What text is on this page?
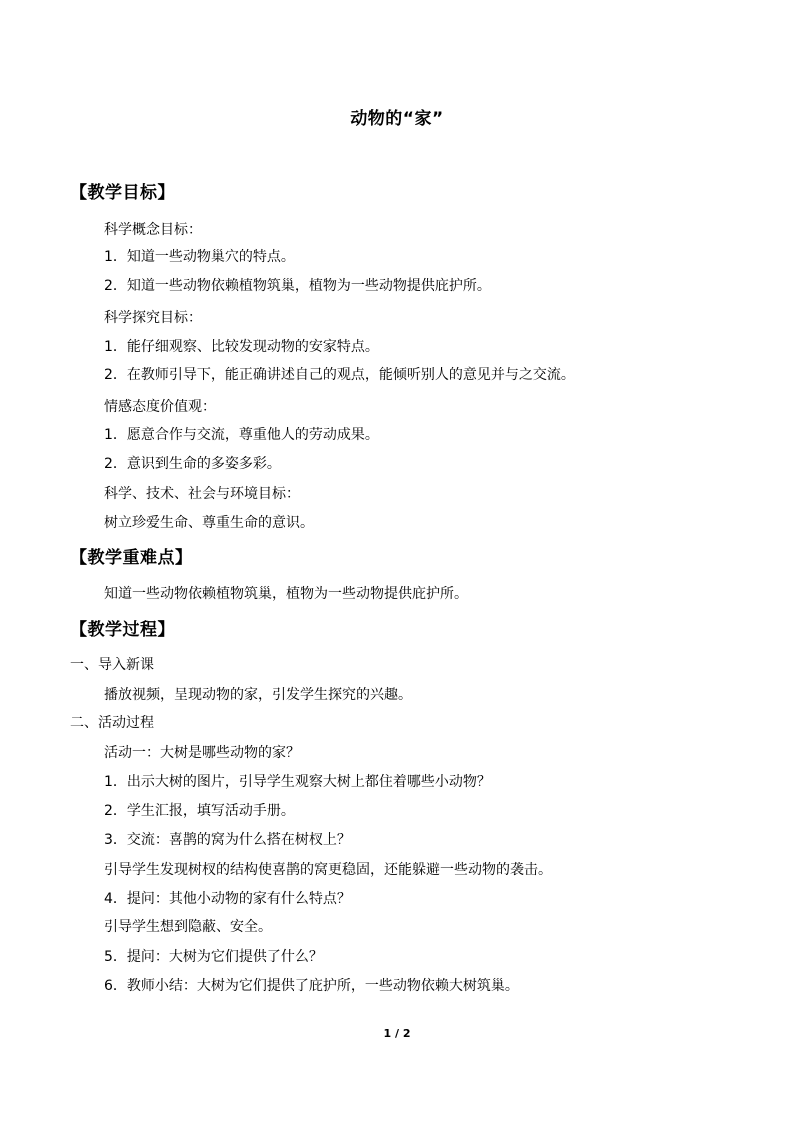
动物的“家”
【教学目标】
科学概念目标：
1．知道一些动物巢穴的特点。
2．知道一些动物依赖植物筑巢，植物为一些动物提供庇护所。
科学探究目标：
1．能仔细观察、比较发现动物的安家特点。
2．在教师引导下，能正确讲述自己的观点，能倾听别人的意见并与之交流。
情感态度价值观：
1．愿意合作与交流，尊重他人的劳动成果。
2．意识到生命的多姿多彩。
科学、技术、社会与环境目标：
树立珍爱生命、尊重生命的意识。
【教学重难点】
知道一些动物依赖植物筑巢，植物为一些动物提供庇护所。
【教学过程】
一、导入新课
播放视频，呈现动物的家，引发学生探究的兴趣。
二、活动过程
活动一：大树是哪些动物的家？
1．出示大树的图片，引导学生观察大树上都住着哪些小动物？
2．学生汇报，填写活动手册。
3．交流：喜鹊的窝为什么搭在树杈上？
引导学生发现树杈的结构使喜鹊的窝更稳固，还能躲避一些动物的袭击。
4．提问：其他小动物的家有什么特点？
引导学生想到隐蔽、安全。
5．提问：大树为它们提供了什么？
6．教师小结：大树为它们提供了庇护所，一些动物依赖大树筑巢。
1 / 2
